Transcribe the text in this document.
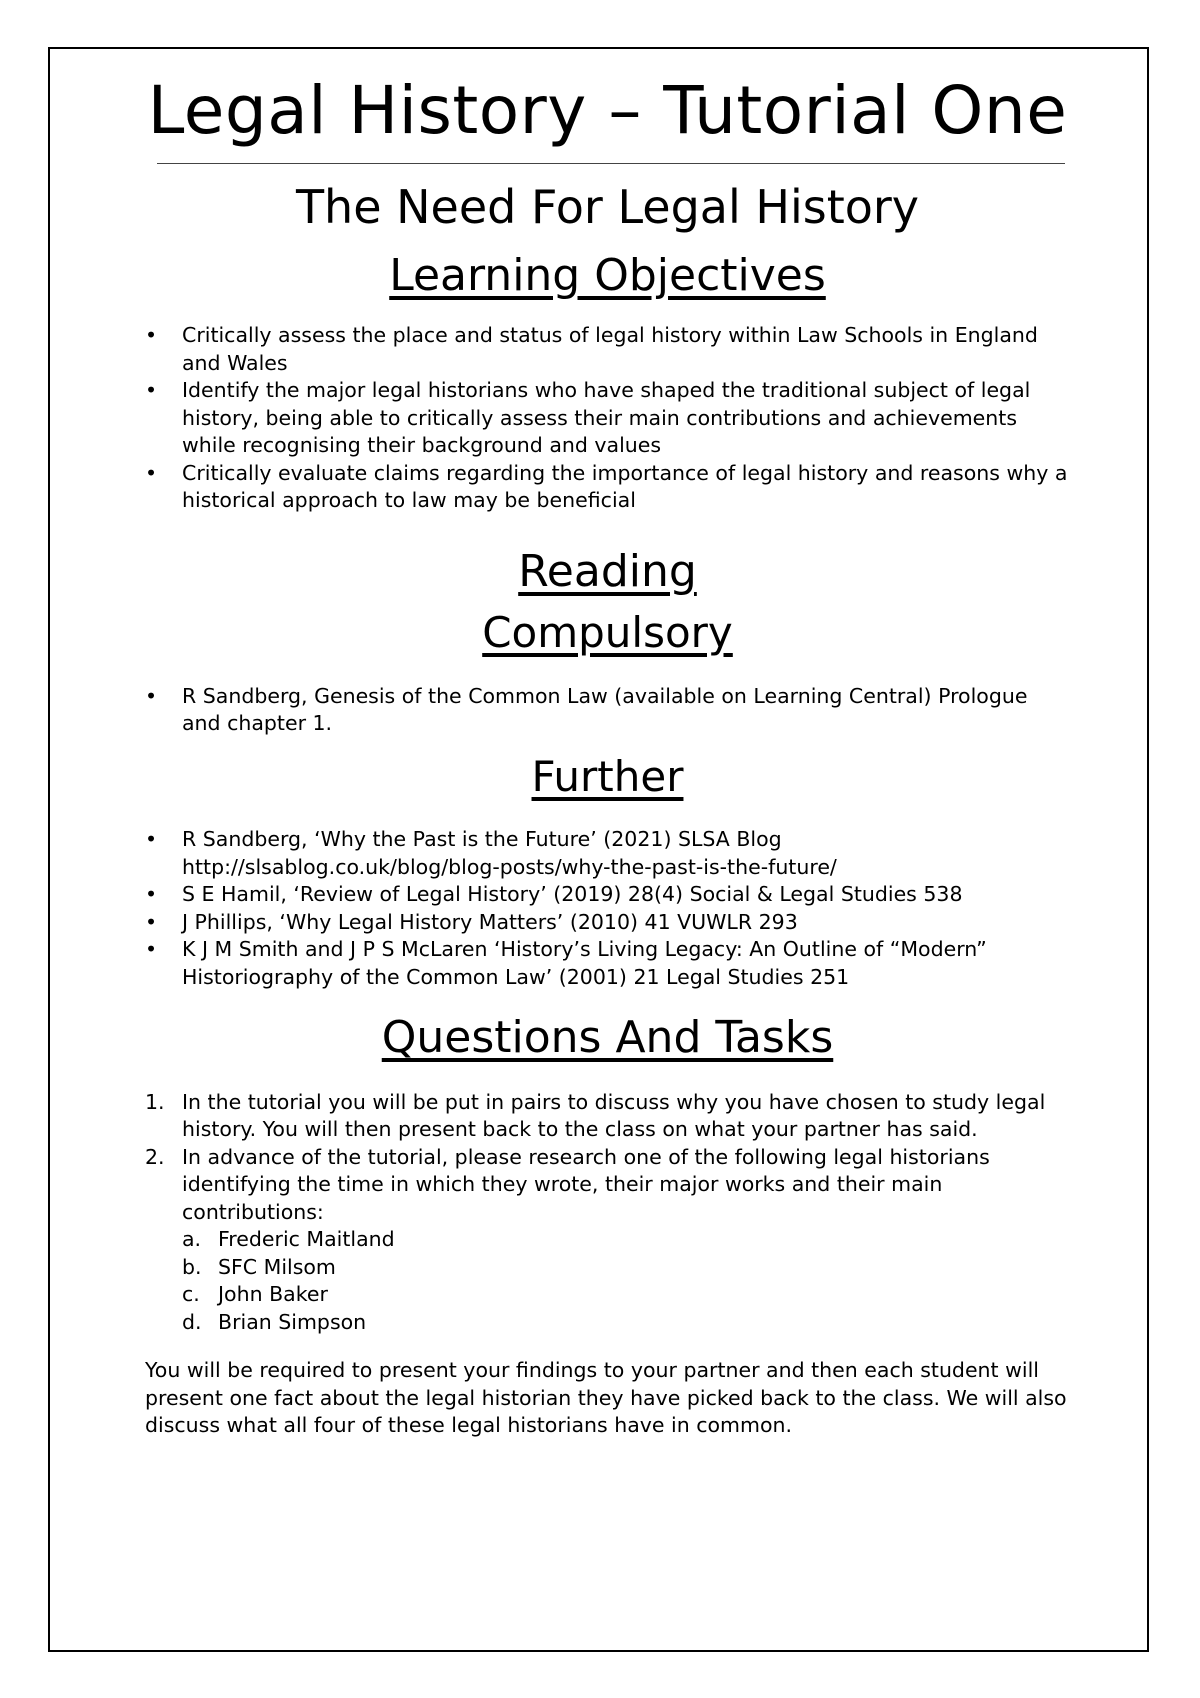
Legal History – Tutorial One
The Need For Legal History
Learning Objectives
• Critically assess the place and status of legal history within Law Schools in England and Wales
• Identify the major legal historians who have shaped the traditional subject of legal history, being able to critically assess their main contributions and achievements while recognising their background and values
• Critically evaluate claims regarding the importance of legal history and reasons why a historical approach to law may be beneficial
Reading
Compulsory
• R Sandberg, Genesis of the Common Law (available on Learning Central) Prologue and chapter 1.
Further
• R Sandberg, ‘Why the Past is the Future’ (2021) SLSA Blog http://slsablog.co.uk/blog/blog-posts/why-the-past-is-the-future/
• S E Hamil, ‘Review of Legal History’ (2019) 28(4) Social & Legal Studies 538
• J Phillips, ‘Why Legal History Matters’ (2010) 41 VUWLR 293
• K J M Smith and J P S McLaren ‘History’s Living Legacy: An Outline of “Modern” Historiography of the Common Law’ (2001) 21 Legal Studies 251
Questions And Tasks
1. In the tutorial you will be put in pairs to discuss why you have chosen to study legal history. You will then present back to the class on what your partner has said.
2. In advance of the tutorial, please research one of the following legal historians identifying the time in which they wrote, their major works and their main contributions:
a. Frederic Maitland
b. SFC Milsom
c. John Baker
d. Brian Simpson

You will be required to present your findings to your partner and then each student will present one fact about the legal historian they have picked back to the class. We will also discuss what all four of these legal historians have in common.
